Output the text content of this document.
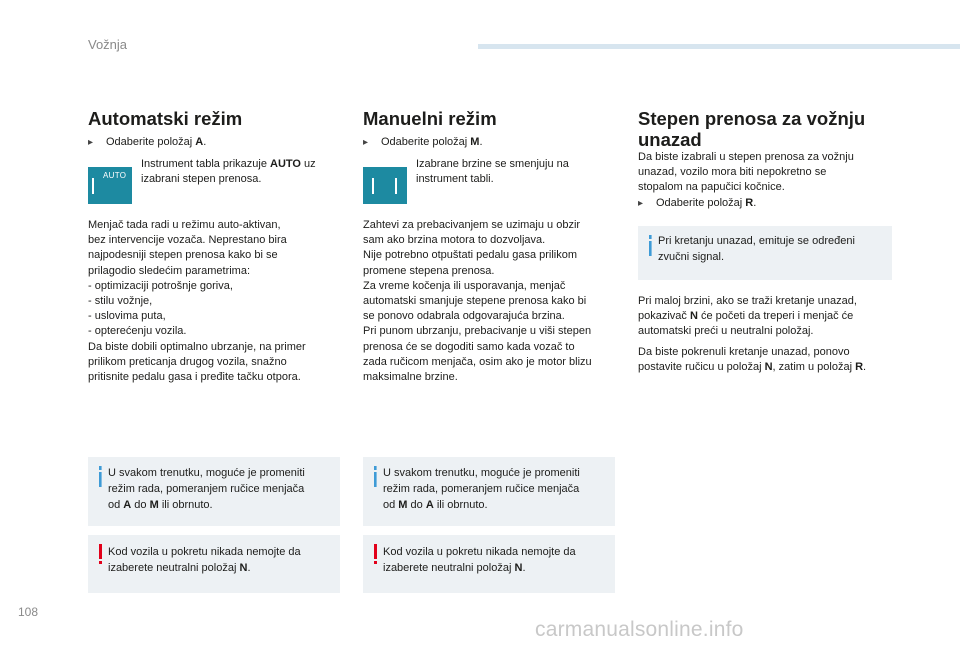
Vožnja
Automatski režim
▸	Odaberite položaj A.
AUTO
Instrument tabla prikazuje AUTO uz izabrani stepen prenosa.
Menjač tada radi u režimu auto-aktivan,
bez intervencije vozača. Neprestano bira
najpodesniji stepen prenosa kako bi se
prilagodio sledećim parametrima:
- optimizaciji potrošnje goriva,
- stilu vožnje,
- uslovima puta,
- opterećenju vozila.
Da biste dobili optimalno ubrzanje, na primer
prilikom preticanja drugog vozila, snažno
pritisnite pedalu gasa i pređite tačku otpora.
U svakom trenutku, moguće je promeniti
režim rada, pomeranjem ručice menjača
od A do M ili obrnuto.
Kod vozila u pokretu nikada nemojte da
izaberete neutralni položaj N.
Manuelni režim
▸	Odaberite položaj M.
Izabrane brzine se smenjuju na
instrument tabli.
Zahtevi za prebacivanjem se uzimaju u obzir
sam ako brzina motora to dozvoljava.
Nije potrebno otpuštati pedalu gasa prilikom
promene stepena prenosa.
Za vreme kočenja ili usporavanja, menjač
automatski smanjuje stepene prenosa kako bi
se ponovo odabrala odgovarajuća brzina.
Pri punom ubrzanju, prebacivanje u viši stepen
prenosa će se dogoditi samo kada vozač to
zada ručicom menjača, osim ako je motor blizu
maksimalne brzine.
U svakom trenutku, moguće je promeniti
režim rada, pomeranjem ručice menjača
od M do A ili obrnuto.
Kod vozila u pokretu nikada nemojte da
izaberete neutralni položaj N.
Stepen prenosa za vožnju
unazad
Da biste izabrali u stepen prenosa za vožnju
unazad, vozilo mora biti nepokretno se
stopalom na papučici kočnice.
▸	Odaberite položaj R.
Pri kretanju unazad, emituje se određeni
zvučni signal.
Pri maloj brzini, ako se traži kretanje unazad,
pokazivač N će početi da treperi i menjač će
automatski preći u neutralni položaj.
Da biste pokrenuli kretanje unazad, ponovo
postavite ručicu u položaj N, zatim u položaj R.
108
carmanualsonline.info
